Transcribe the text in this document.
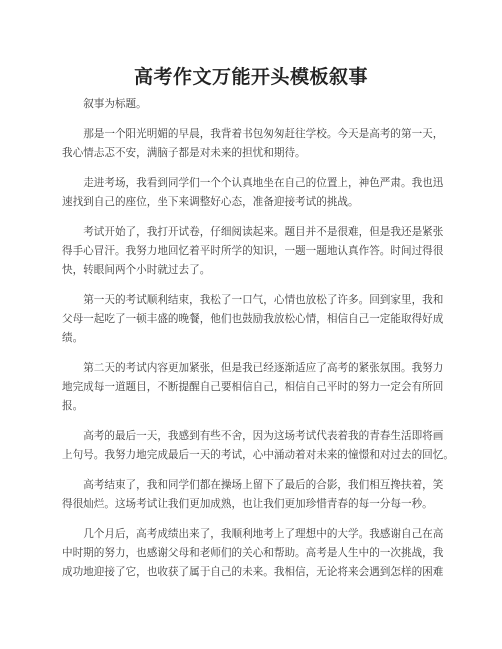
高考作文万能开头模板叙事

叙事为标题。

那是一个阳光明媚的早晨，我背着书包匆匆赶往学校。今天是高考的第一天，
我心情忐忑不安，满脑子都是对未来的担忧和期待。

走进考场，我看到同学们一个个认真地坐在自己的位置上，神色严肃。我也迅
速找到自己的座位，坐下来调整好心态，准备迎接考试的挑战。

考试开始了，我打开试卷，仔细阅读起来。题目并不是很难，但是我还是紧张
得手心冒汗。我努力地回忆着平时所学的知识，一题一题地认真作答。时间过得很
快，转眼间两个小时就过去了。

第一天的考试顺利结束，我松了一口气，心情也放松了许多。回到家里，我和
父母一起吃了一顿丰盛的晚餐，他们也鼓励我放松心情，相信自己一定能取得好成
绩。

第二天的考试内容更加紧张，但是我已经逐渐适应了高考的紧张氛围。我努力
地完成每一道题目，不断提醒自己要相信自己，相信自己平时的努力一定会有所回
报。

高考的最后一天，我感到有些不舍，因为这场考试代表着我的青春生活即将画
上句号。我努力地完成最后一天的考试，心中涌动着对未来的憧憬和对过去的回忆。

高考结束了，我和同学们都在操场上留下了最后的合影，我们相互搀扶着，笑
得很灿烂。这场考试让我们更加成熟，也让我们更加珍惜青春的每一分每一秒。

几个月后，高考成绩出来了，我顺利地考上了理想中的大学。我感谢自己在高
中时期的努力，也感谢父母和老师们的关心和帮助。高考是人生中的一次挑战，我
成功地迎接了它，也收获了属于自己的未来。我相信，无论将来会遇到怎样的困难
